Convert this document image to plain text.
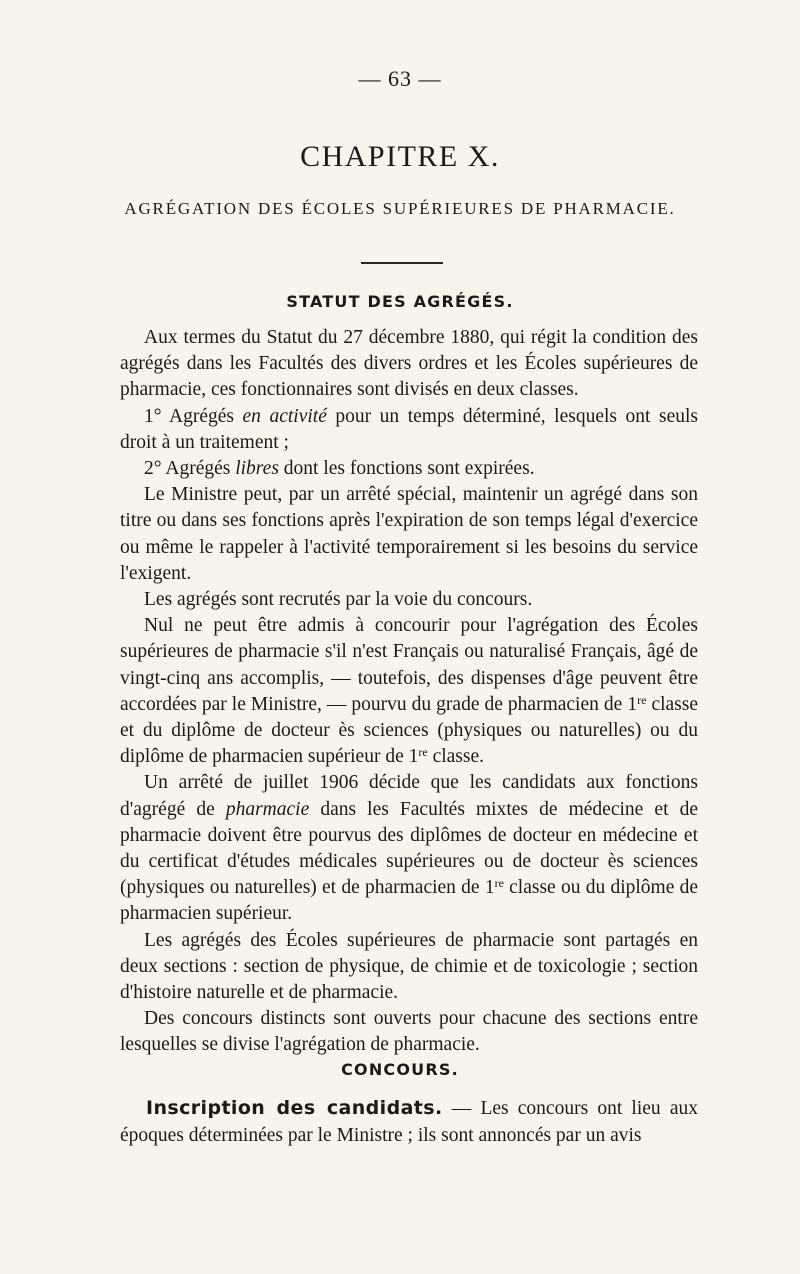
— 63 —
CHAPITRE X.
AGRÉGATION DES ÉCOLES SUPÉRIEURES DE PHARMACIE.
STATUT DES AGRÉGÉS.

Aux termes du Statut du 27 décembre 1880, qui régit la condition des agrégés dans les Facultés des divers ordres et les Écoles supérieures de pharmacie, ces fonctionnaires sont divisés en deux classes.

1° Agrégés en activité pour un temps déterminé, lesquels ont seuls droit à un traitement ;

2° Agrégés libres dont les fonctions sont expirées.

Le Ministre peut, par un arrêté spécial, maintenir un agrégé dans son titre ou dans ses fonctions après l'expiration de son temps légal d'exercice ou même le rappeler à l'activité temporairement si les besoins du service l'exigent.

Les agrégés sont recrutés par la voie du concours.

Nul ne peut être admis à concourir pour l'agrégation des Écoles supérieures de pharmacie s'il n'est Français ou naturalisé Français, âgé de vingt-cinq ans accomplis, — toutefois, des dispenses d'âge peuvent être accordées par le Ministre, — pourvu du grade de pharmacien de 1re classe et du diplôme de docteur ès sciences (physiques ou naturelles) ou du diplôme de pharmacien supérieur de 1re classe.

Un arrêté de juillet 1906 décide que les candidats aux fonctions d'agrégé de pharmacie dans les Facultés mixtes de médecine et de pharmacie doivent être pourvus des diplômes de docteur en médecine et du certificat d'études médicales supérieures ou de docteur ès sciences (physiques ou naturelles) et de pharmacien de 1re classe ou du diplôme de pharmacien supérieur.

Les agrégés des Écoles supérieures de pharmacie sont partagés en deux sections : section de physique, de chimie et de toxicologie ; section d'histoire naturelle et de pharmacie.

Des concours distincts sont ouverts pour chacune des sections entre lesquelles se divise l'agrégation de pharmacie.

CONCOURS.

Inscription des candidats. — Les concours ont lieu aux époques déterminées par le Ministre ; ils sont annoncés par un avis
